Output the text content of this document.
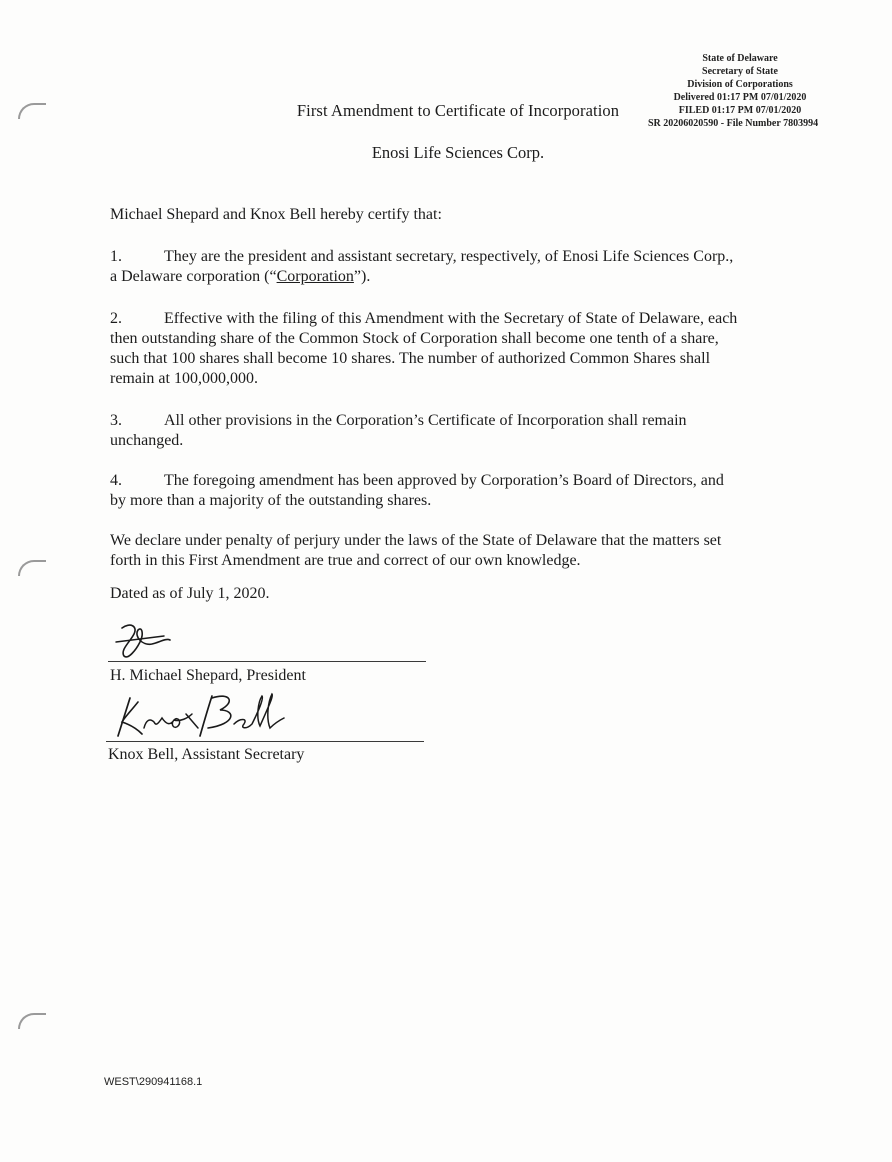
State of Delaware
Secretary of State
Division of Corporations
Delivered 01:17 PM 07/01/2020
FILED 01:17 PM 07/01/2020
SR 20206020590 - File Number 7803994
First Amendment to Certificate of Incorporation
Enosi Life Sciences Corp.
Michael Shepard and Knox Bell hereby certify that:
1.	They are the president and assistant secretary, respectively, of Enosi Life Sciences Corp.,
a Delaware corporation (“Corporation”).
2.	Effective with the filing of this Amendment with the Secretary of State of Delaware, each
then outstanding share of the Common Stock of Corporation shall become one tenth of a share,
such that 100 shares shall become 10 shares. The number of authorized Common Shares shall
remain at 100,000,000.
3.	All other provisions in the Corporation’s Certificate of Incorporation shall remain
unchanged.
4.	The foregoing amendment has been approved by Corporation’s Board of Directors, and
by more than a majority of the outstanding shares.
We declare under penalty of perjury under the laws of the State of Delaware that the matters set
forth in this First Amendment are true and correct of our own knowledge.
Dated as of July 1, 2020.
H. Michael Shepard, President
Knox Bell, Assistant Secretary
WEST\290941168.1
